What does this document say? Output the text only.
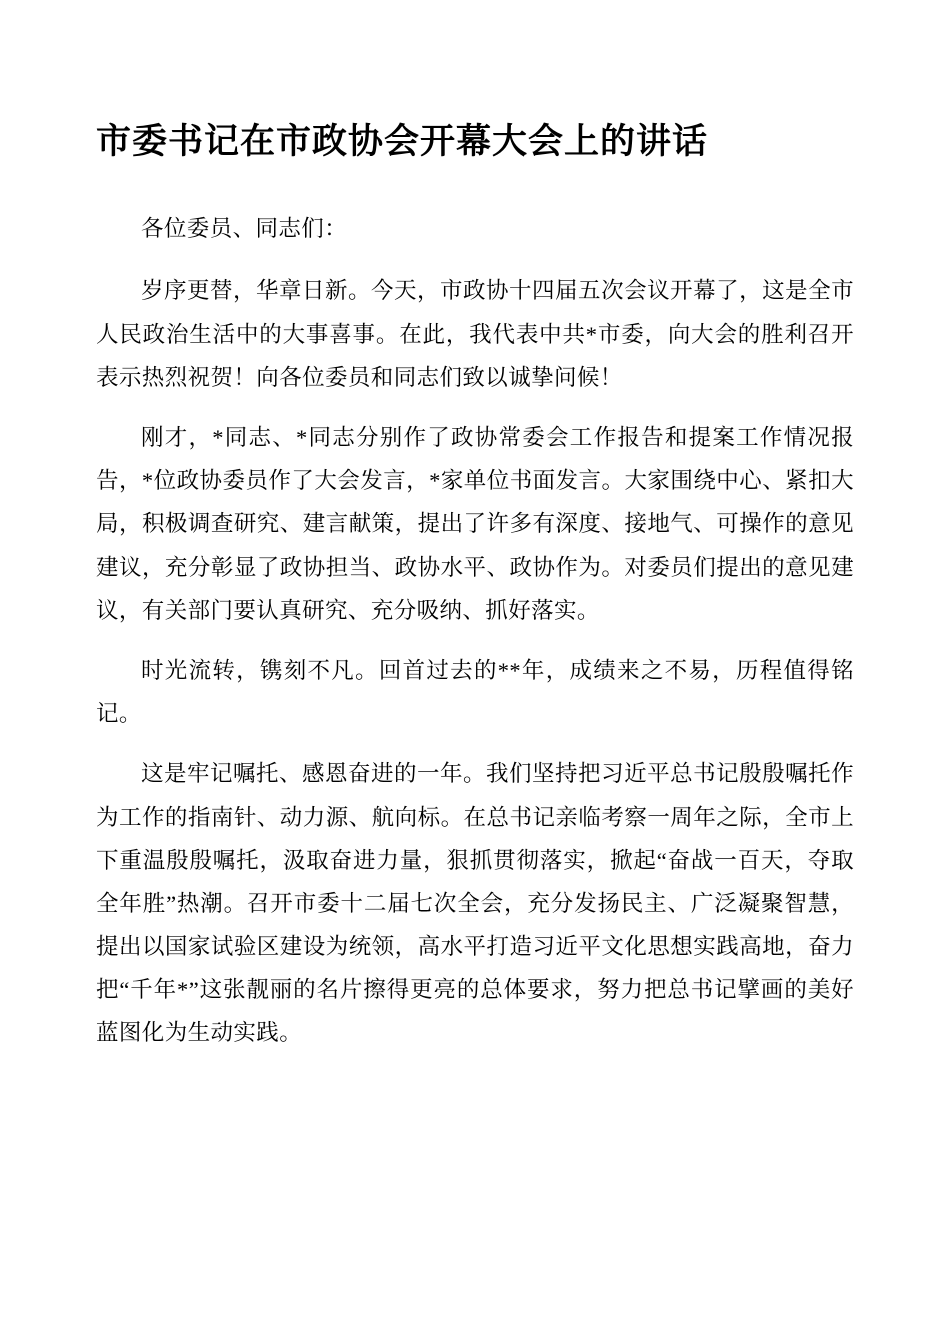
市委书记在市政协会开幕大会上的讲话

各位委员、同志们：

岁序更替，华章日新。今天，市政协十四届五次会议开幕了，这是全市人民政治生活中的大事喜事。在此，我代表中共*市委，向大会的胜利召开表示热烈祝贺！向各位委员和同志们致以诚挚问候！

刚才，*同志、*同志分别作了政协常委会工作报告和提案工作情况报告，*位政协委员作了大会发言，*家单位书面发言。大家围绕中心、紧扣大局，积极调查研究、建言献策，提出了许多有深度、接地气、可操作的意见建议，充分彰显了政协担当、政协水平、政协作为。对委员们提出的意见建议，有关部门要认真研究、充分吸纳、抓好落实。

时光流转，镌刻不凡。回首过去的**年，成绩来之不易，历程值得铭记。

这是牢记嘱托、感恩奋进的一年。我们坚持把习近平总书记殷殷嘱托作为工作的指南针、动力源、航向标。在总书记亲临考察一周年之际，全市上下重温殷殷嘱托，汲取奋进力量，狠抓贯彻落实，掀起“奋战一百天，夺取全年胜”热潮。召开市委十二届七次全会，充分发扬民主、广泛凝聚智慧，提出以国家试验区建设为统领，高水平打造习近平文化思想实践高地，奋力把“千年*”这张靓丽的名片擦得更亮的总体要求，努力把总书记擘画的美好蓝图化为生动实践。
